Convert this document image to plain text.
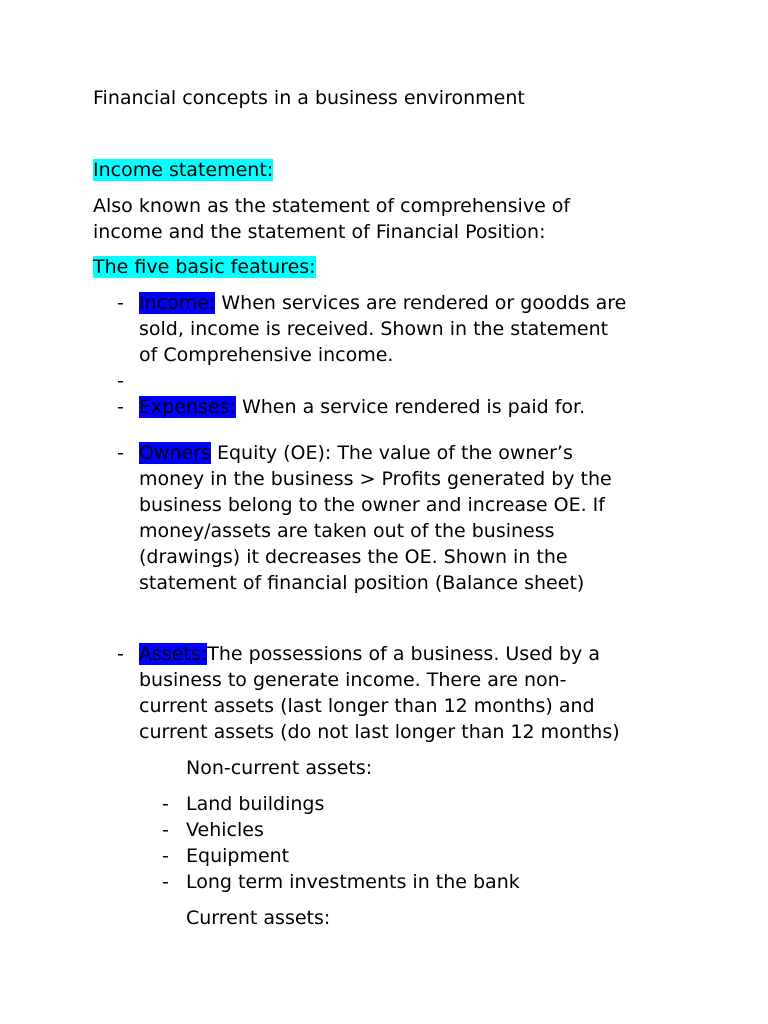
Financial concepts in a business environment
Income statement:
Also known as the statement of comprehensive of
income and the statement of Financial Position:
The five basic features:
- Income: When services are rendered or goodds are
sold, income is received. Shown in the statement
of Comprehensive income.
-
- Expenses: When a service rendered is paid for.
- Owners Equity (OE): The value of the owner’s
money in the business > Profits generated by the
business belong to the owner and increase OE. If
money/assets are taken out of the business
(drawings) it decreases the OE. Shown in the
statement of financial position (Balance sheet)
- Assets:The possessions of a business. Used by a
business to generate income. There are non-
current assets (last longer than 12 months) and
current assets (do not last longer than 12 months)
Non-current assets:
- Land buildings
- Vehicles
- Equipment
- Long term investments in the bank
Current assets:
